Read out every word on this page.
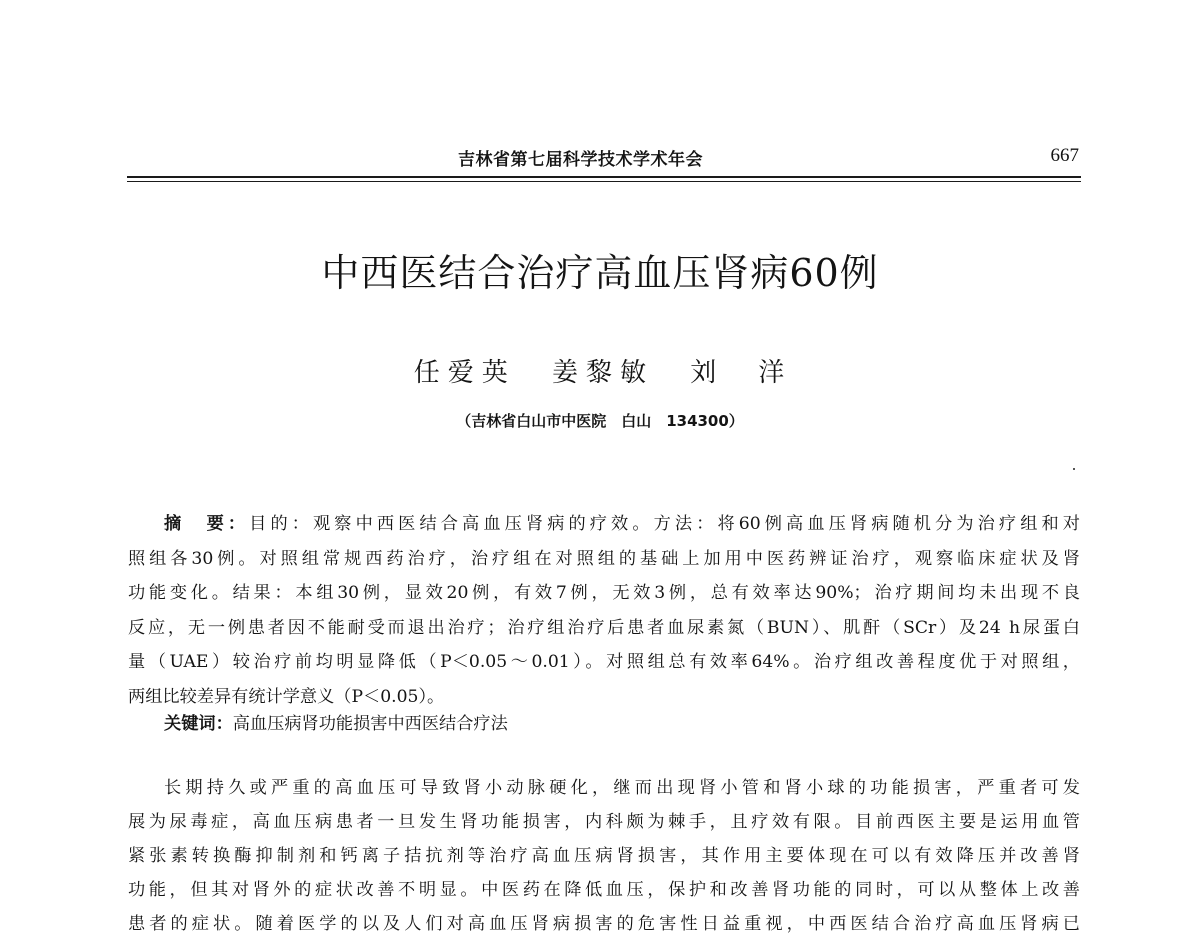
吉林省第七届科学技术学术年会	667
中西医结合治疗高血压肾病60例
任爱英 姜黎敏 刘　洋
（吉林省白山市中医院　白山　134300）
摘　要：目的：观察中西医结合高血压肾病的疗效。方法：将60例高血压肾病随机分为治疗组和对
照组各30例。对照组常规西药治疗，治疗组在对照组的基础上加用中医药辨证治疗，观察临床症状及肾
功能变化。结果：本组30例，显效20例，有效7例，无效3例，总有效率达90%；治疗期间均未出现不良
反应，无一例患者因不能耐受而退出治疗；治疗组治疗后患者血尿素氮（BUN）、肌酐（SCr）及24 h尿蛋白
量（UAE）较治疗前均明显降低（P＜0.05～0.01）。对照组总有效率64%。治疗组改善程度优于对照组，
两组比较差异有统计学意义（P＜0.05）。
关键词：高血压病肾功能损害中西医结合疗法
长期持久或严重的高血压可导致肾小动脉硬化，继而出现肾小管和肾小球的功能损害，严重者可发
展为尿毒症，高血压病患者一旦发生肾功能损害，内科颇为棘手，且疗效有限。目前西医主要是运用血管
紧张素转换酶抑制剂和钙离子拮抗剂等治疗高血压病肾损害，其作用主要体现在可以有效降压并改善肾
功能，但其对肾外的症状改善不明显。中医药在降低血压，保护和改善肾功能的同时，可以从整体上改善
患者的症状。随着医学的以及人们对高血压肾病损害的危害性日益重视，中西医结合治疗高血压肾病已
